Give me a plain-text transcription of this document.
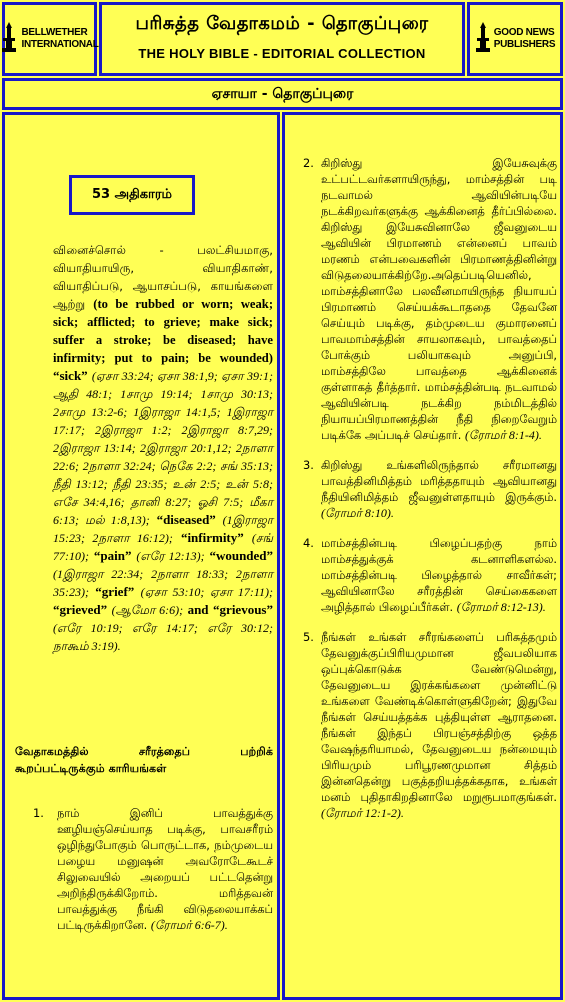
BELLWETHER
INTERNATIONAL
பரிசுத்த வேதாகமம் - தொகுப்புரை
THE HOLY BIBLE - EDITORIAL COLLECTION
GOOD NEWS
PUBLISHERS
ஏசாயா - தொகுப்புரை
53 அதிகாரம்
வினைச்சொல் - பலட்சியமாகு, வியாதியாயிரு, வியாதிகாண், வியாதிப்படு, ஆயாசப்படு, காயங்களை ஆற்று (to be rubbed or worn; weak; sick; afflicted; to grieve; make sick; suffer a stroke; be diseased; have infirmity; put to pain; be wounded) “sick” (ஏசா 33:24; ஏசா 38:1,9; ஏசா 39:1; ஆதி 48:1; 1சாமு 19:14; 1சாமு 30:13; 2சாமு 13:2-6; 1இராஜா 14:1,5; 1இராஜா 17:17; 2இராஜா 1:2; 2இராஜா 8:7,29; 2இராஜா 13:14; 2இராஜா 20:1,12; 2நாளா 22:6; 2நாளா 32:24; நெகே 2:2; சங் 35:13; நீதி 13:12; நீதி 23:35; உன் 2:5; உன் 5:8; எசே 34:4,16; தானி 8:27; ஓசி 7:5; மீகா 6:13; மல் 1:8,13); “diseased” (1இராஜா 15:23; 2நாளா 16:12); “infirmity” (சங் 77:10); “pain” (எரே 12:13); “wounded” (1இராஜா 22:34; 2நாளா 18:33; 2நாளா 35:23); “grief” (ஏசா 53:10; ஏசா 17:11); “grieved” (ஆமோ 6:6); and “grievous” (எரே 10:19; எரே 14:17; எரே 30:12; நாகூம் 3:19).
வேதாகமத்தில் சரீரத்தைப் பற்றிக் கூறப்பட்டிருக்கும் காரியங்கள்
1.	நாம் இனிப் பாவத்துக்கு ஊழியஞ்செய்யாத படிக்கு, பாவசரீரம் ஒழிந்துபோகும் பொருட்டாக, நம்முடைய பழைய மனுஷன் அவரோடேகூடச் சிலுவையில் அறையப் பட்டதென்று அறிந்திருக்கிறோம். மரித்தவன் பாவத்துக்கு நீங்கி விடுதலையாக்கப் பட்டிருக்கிறானே. (ரோமர் 6:6-7).
2. கிறிஸ்து இயேசுவுக்கு உட்பட்டவர்களாயிருந்து, மாம்சத்தின் படி நடவாமல் ஆவியின்படியே நடக்கிறவர்களுக்கு ஆக்கினைத் தீர்ப்பில்லை. கிறிஸ்து இயேசுவினாலே ஜீவனுடைய ஆவியின் பிரமாணம் என்னைப் பாவம் மரணம் என்பவைகளின் பிரமாணத்தினின்று விடுதலையாக்கிற்றே.அதெப்படியெனில், மாம்சத்தினாலே பலவீனமாயிருந்த நியாயப் பிரமாணம் செய்யக்கூடாததை தேவனே செய்யும் படிக்கு, தம்முடைய குமாரனைப் பாவமாம்சத்தின் சாயலாகவும், பாவத்தைப் போக்கும் பலியாகவும் அனுப்பி, மாம்சத்திலே பாவத்தை ஆக்கினைக் குள்ளாகத் தீர்த்தார். மாம்சத்தின்படி நடவாமல் ஆவியின்படி நடக்கிற நம்மிடத்தில் நியாயப்பிரமாணத்தின் நீதி நிறைவேறும் படிக்கே அப்படிச் செய்தார். (ரோமர் 8:1-4).
3. கிறிஸ்து உங்களிலிருந்தால் சரீரமானது பாவத்தினிமித்தம் மரித்ததாயும் ஆவியானது நீதியினிமித்தம் ஜீவனுள்ளதாயும் இருக்கும். (ரோமர் 8:10).
4. மாம்சத்தின்படி பிழைப்பதற்கு நாம் மாம்சத்துக்குக் கடனாளிகளல்ல. மாம்சத்தின்படி பிழைத்தால் சாவீர்கள்; ஆவியினாலே சரீரத்தின் செய்கைகளை அழித்தால் பிழைப்பீர்கள். (ரோமர் 8:12-13).
5. நீங்கள் உங்கள் சரீரங்களைப் பரிசுத்தமும் தேவனுக்குப்பிரியமுமான ஜீவபலியாக ஒப்புக்கொடுக்க வேண்டுமென்று, தேவனுடைய இரக்கங்களை முன்னிட்டு உங்களை வேண்டிக்கொள்ளுகிறேன்; இதுவே நீங்கள் செய்யத்தக்க புத்தியுள்ள ஆராதனை. நீங்கள் இந்தப் பிரபஞ்சத்திற்கு ஒத்த வேஷந்தரியாமல், தேவனுடைய நன்மையும் பிரியமும் பரிபூரணமுமான சித்தம் இன்னதென்று பகுத்தறியத்தக்கதாக, உங்கள் மனம் புதிதாகிறதினாலே மறுரூபமாகுங்கள். (ரோமர் 12:1-2).
